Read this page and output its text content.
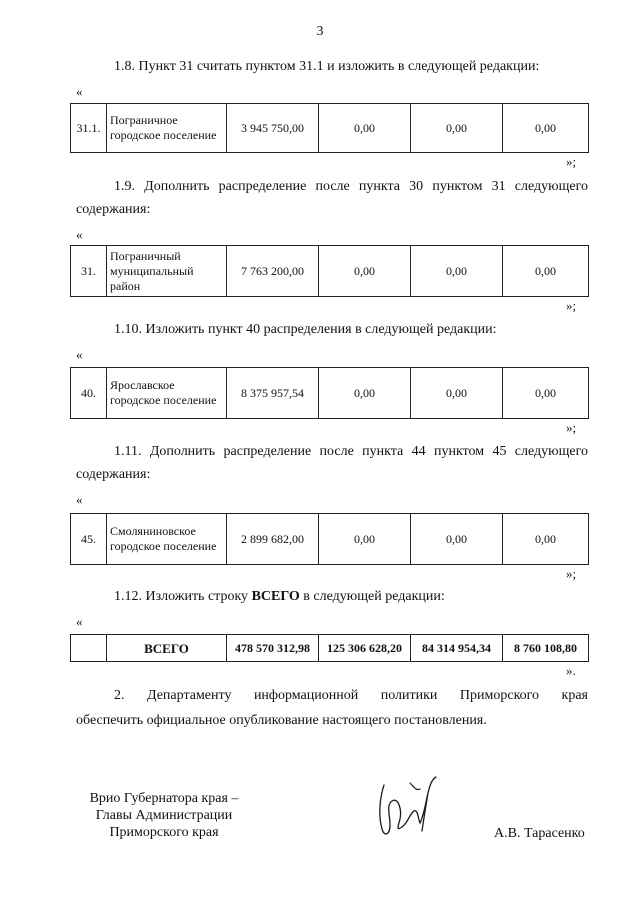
3
1.8. Пункт 31 считать пунктом 31.1 и изложить в следующей редакции:
«
31.1.	Пограничное городское поселение	3 945 750,00	0,00	0,00	0,00
»;
1.9. Дополнить распределение после пункта 30 пунктом 31 следующего
содержания:
«
31.	Пограничный муниципальный район	7 763 200,00	0,00	0,00	0,00
»;
1.10. Изложить пункт 40 распределения в следующей редакции:
«
40.	Ярославское городское поселение	8 375 957,54	0,00	0,00	0,00
»;
1.11. Дополнить распределение после пункта 44 пунктом 45 следующего
содержания:
«
45.	Смоляниновское городское поселение	2 899 682,00	0,00	0,00	0,00
»;
1.12. Изложить строку ВСЕГО в следующей редакции:
«
	ВСЕГО	478 570 312,98	125 306 628,20	84 314 954,34	8 760 108,80
».
2. Департаменту информационной политики Приморского края
обеспечить официальное опубликование настоящего постановления.
Врио Губернатора края –
Главы Администрации
Приморского края	А.В. Тарасенко
